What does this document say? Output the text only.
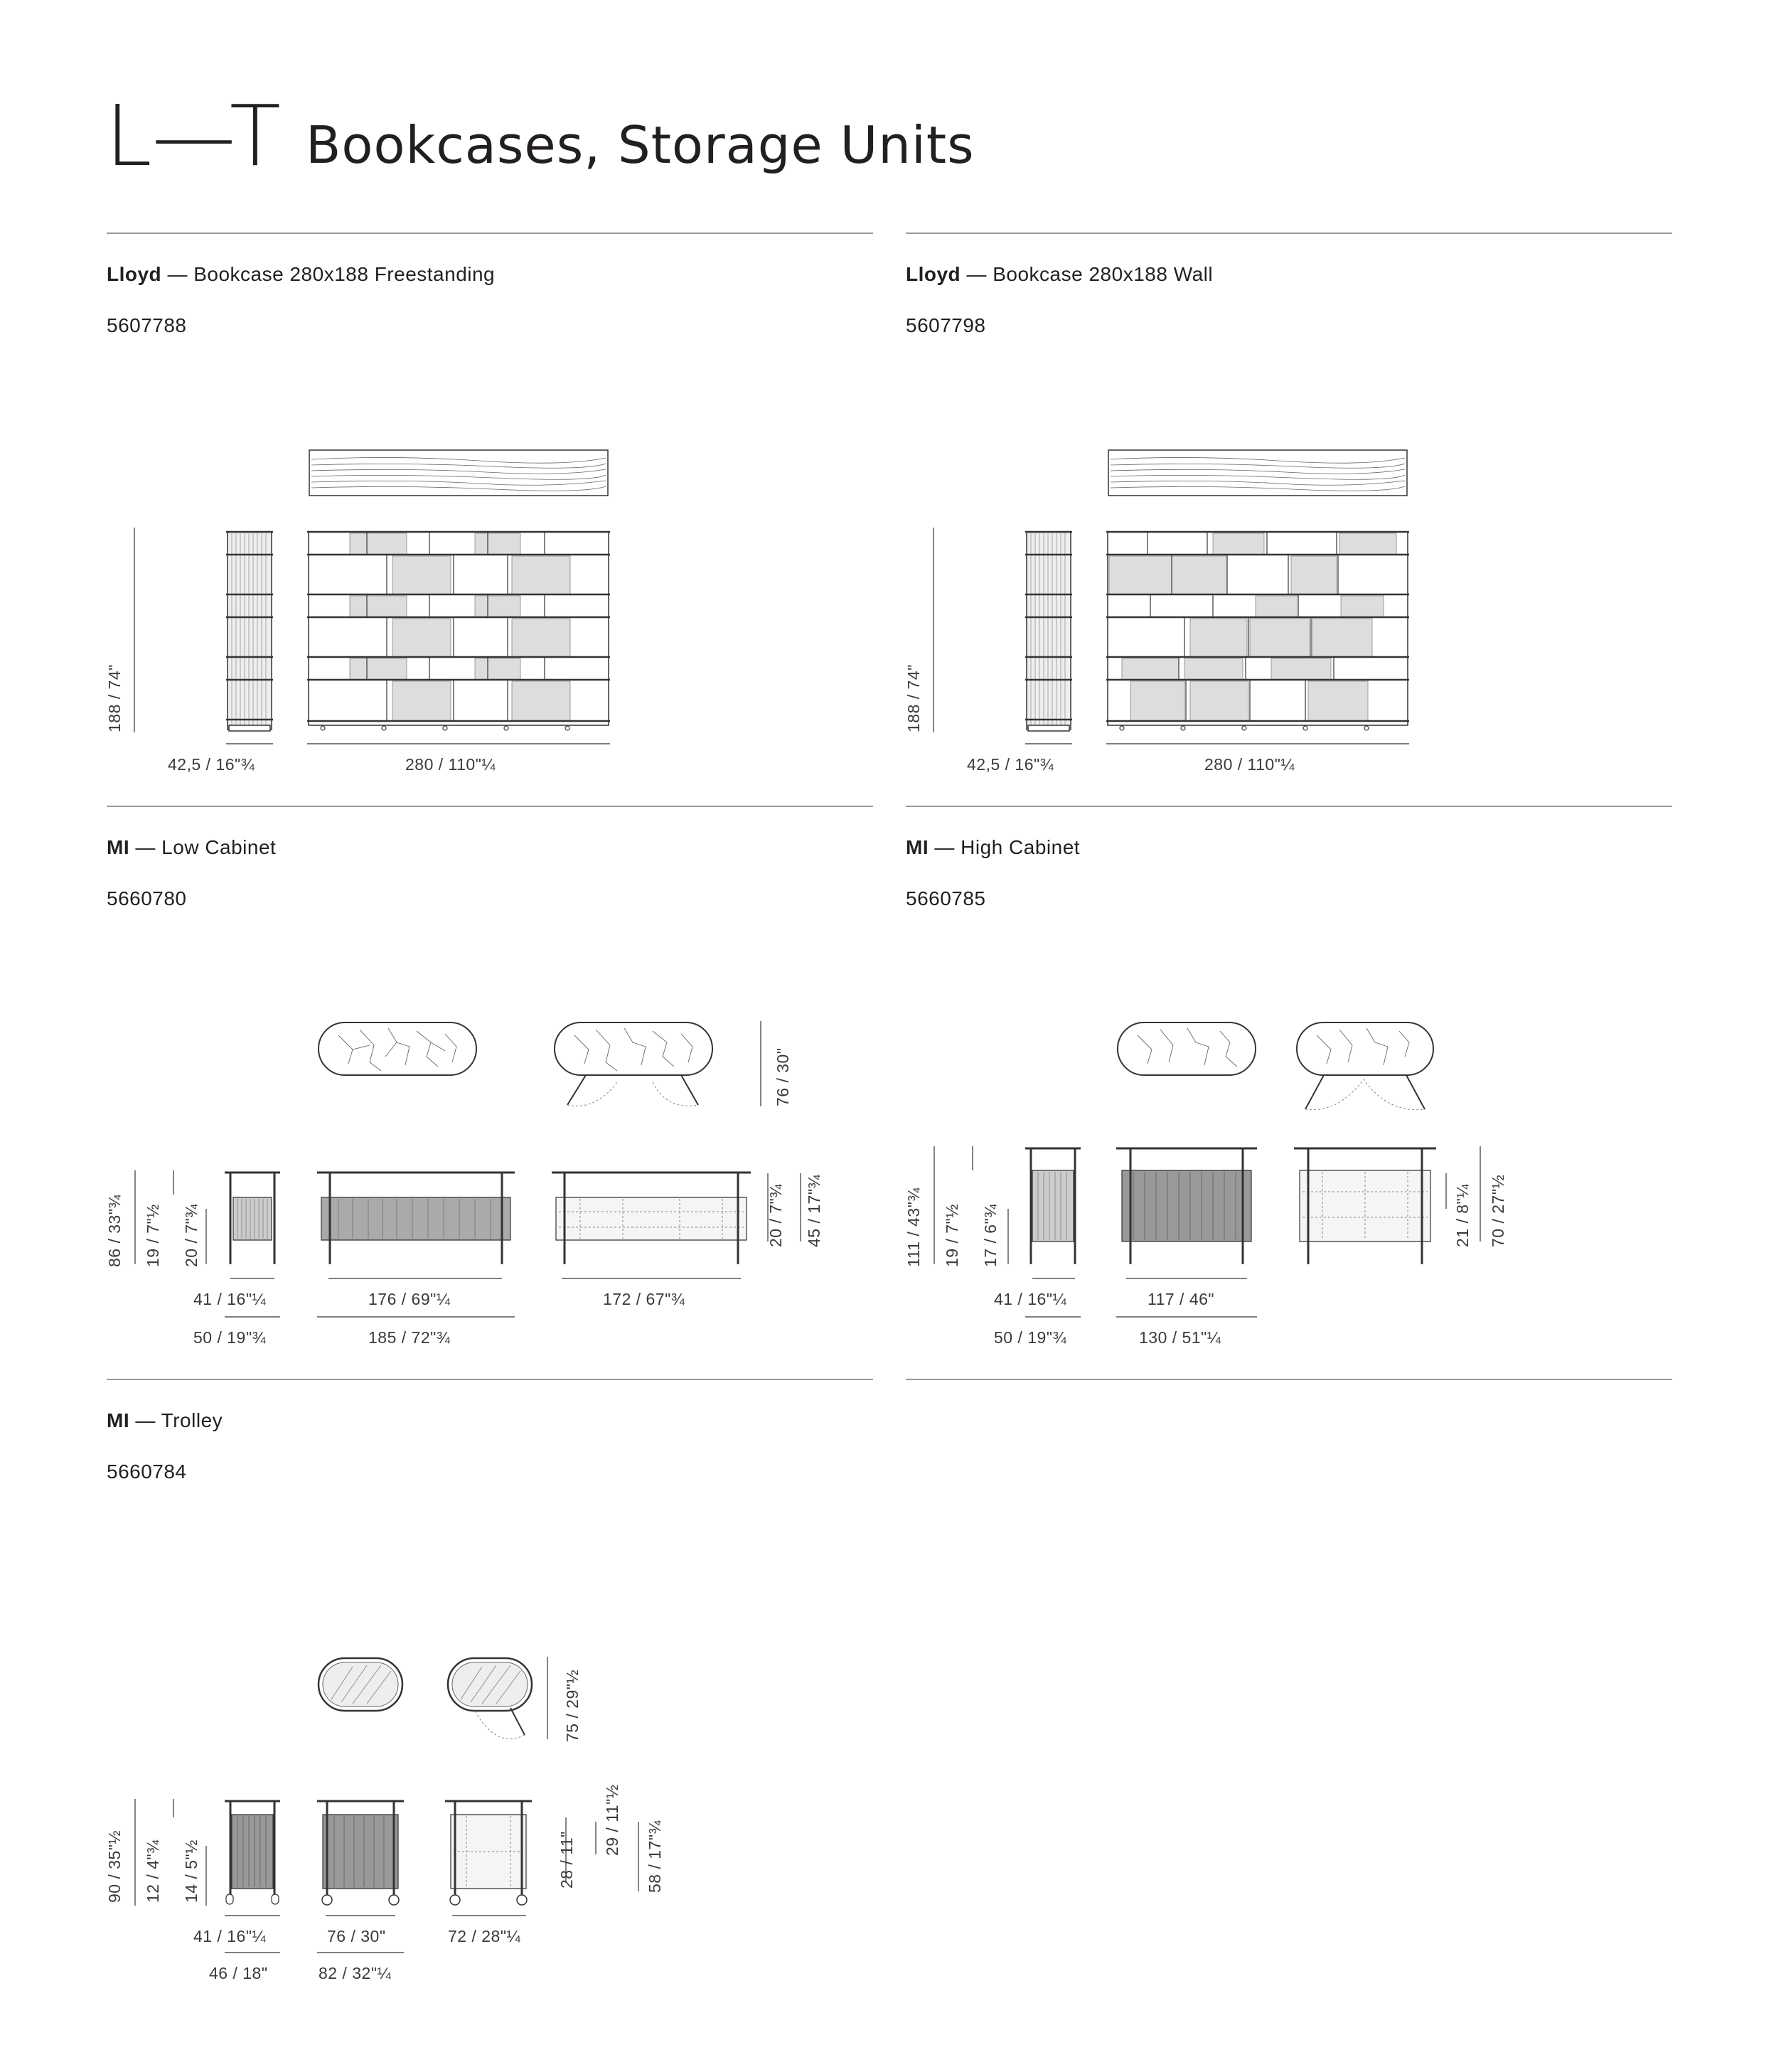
L—T Bookcases, Storage Units
Lloyd — Bookcase 280x188 Freestanding
5607788
188 / 74"
42,5 / 16"¾	280 / 110"¼
Lloyd — Bookcase 280x188 Wall
5607798
188 / 74"
42,5 / 16"¾	280 / 110"¼
MI — Low Cabinet
5660780
76 / 30"
86 / 33"¾ 19 / 7"½ 20 / 7"¾	20 / 7"¾ 45 / 17"¾
41 / 16"¼
50 / 19"¾
176 / 69"¼
185 / 72"¾
172 / 67"¾
MI — High Cabinet
5660785
111 / 43"¾ 19 / 7"½ 17 / 6"¾	21 / 8"¼ 70 / 27"½
41 / 16"¼
50 / 19"¾
117 / 46"
130 / 51"¼
MI — Trolley
5660784
75 / 29"½
90 / 35"½ 12 / 4"¾ 14 / 5"½	28 / 11"
29 / 11"½
58 / 17"¾
41 / 16"¼
46 / 18"
76 / 30"
82 / 32"¼
72 / 28"¼
